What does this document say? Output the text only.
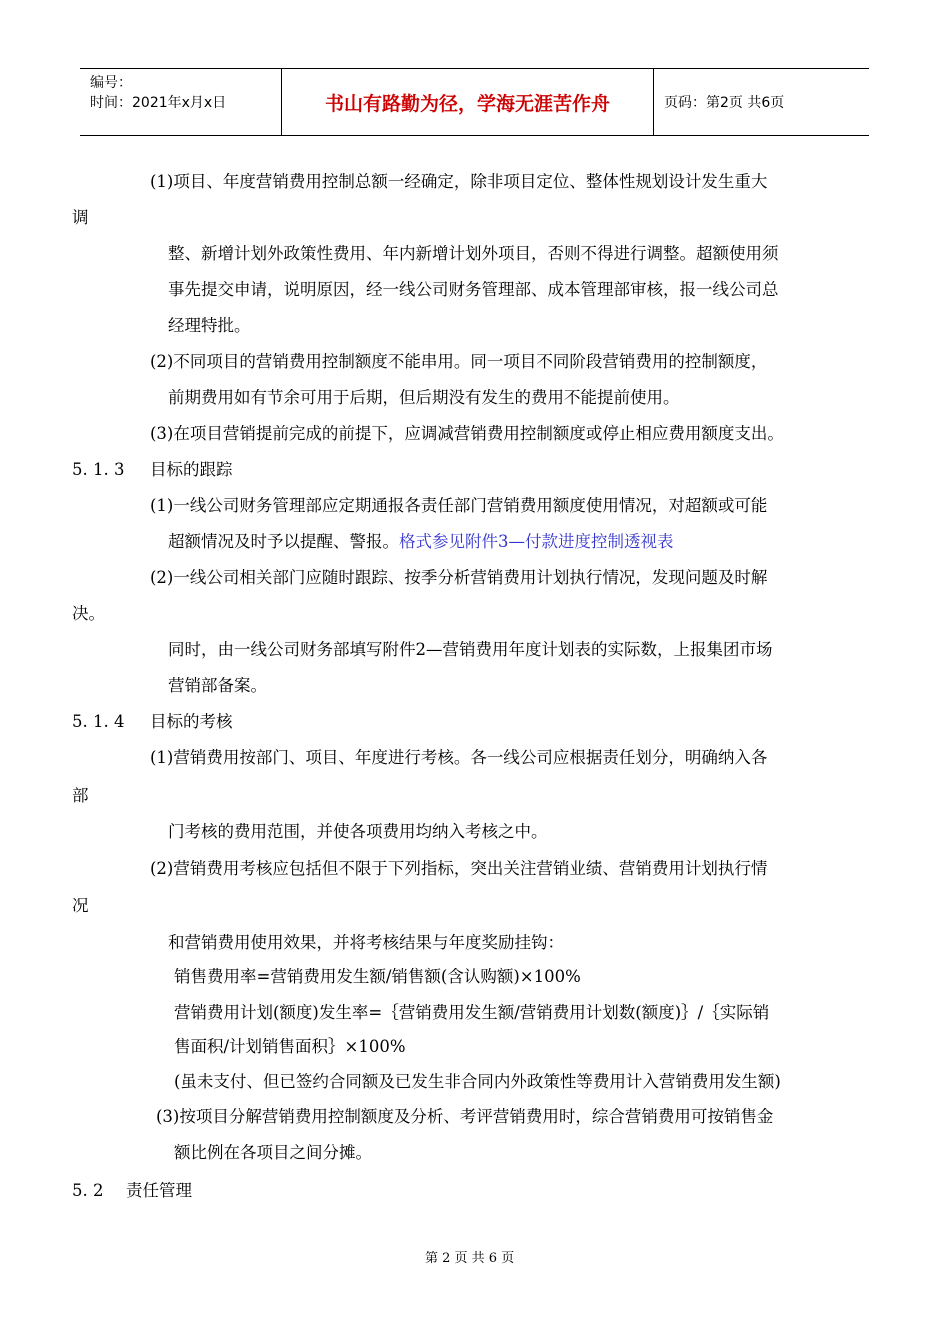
编号：
时间：2021年x月x日	书山有路勤为径，学海无涯苦作舟	页码：第2页 共6页
(1)项目、年度营销费用控制总额一经确定，除非项目定位、整体性规划设计发生重大
调
整、新增计划外政策性费用、年内新增计划外项目，否则不得进行调整。超额使用须
事先提交申请，说明原因，经一线公司财务管理部、成本管理部审核，报一线公司总
经理特批。
(2)不同项目的营销费用控制额度不能串用。同一项目不同阶段营销费用的控制额度，
前期费用如有节余可用于后期，但后期没有发生的费用不能提前使用。
(3)在项目营销提前完成的前提下，应调减营销费用控制额度或停止相应费用额度支出。
5. 1. 3 目标的跟踪
(1)一线公司财务管理部应定期通报各责任部门营销费用额度使用情况，对超额或可能
超额情况及时予以提醒、警报。格式参见附件3—付款进度控制透视表
(2)一线公司相关部门应随时跟踪、按季分析营销费用计划执行情况，发现问题及时解
决。
同时，由一线公司财务部填写附件2—营销费用年度计划表的实际数，上报集团市场
营销部备案。
5. 1. 4 目标的考核
(1)营销费用按部门、项目、年度进行考核。各一线公司应根据责任划分，明确纳入各
部
门考核的费用范围，并使各项费用均纳入考核之中。
(2)营销费用考核应包括但不限于下列指标，突出关注营销业绩、营销费用计划执行情
况
和营销费用使用效果，并将考核结果与年度奖励挂钩：
销售费用率=营销费用发生额/销售额(含认购额)×100%
营销费用计划(额度)发生率=｛营销费用发生额/营销费用计划数(额度)｝/｛实际销
售面积/计划销售面积｝×100%
(虽未支付、但已签约合同额及已发生非合同内外政策性等费用计入营销费用发生额)
(3)按项目分解营销费用控制额度及分析、考评营销费用时，综合营销费用可按销售金
额比例在各项目之间分摊。
5. 2 责任管理
第 2 页 共 6 页
